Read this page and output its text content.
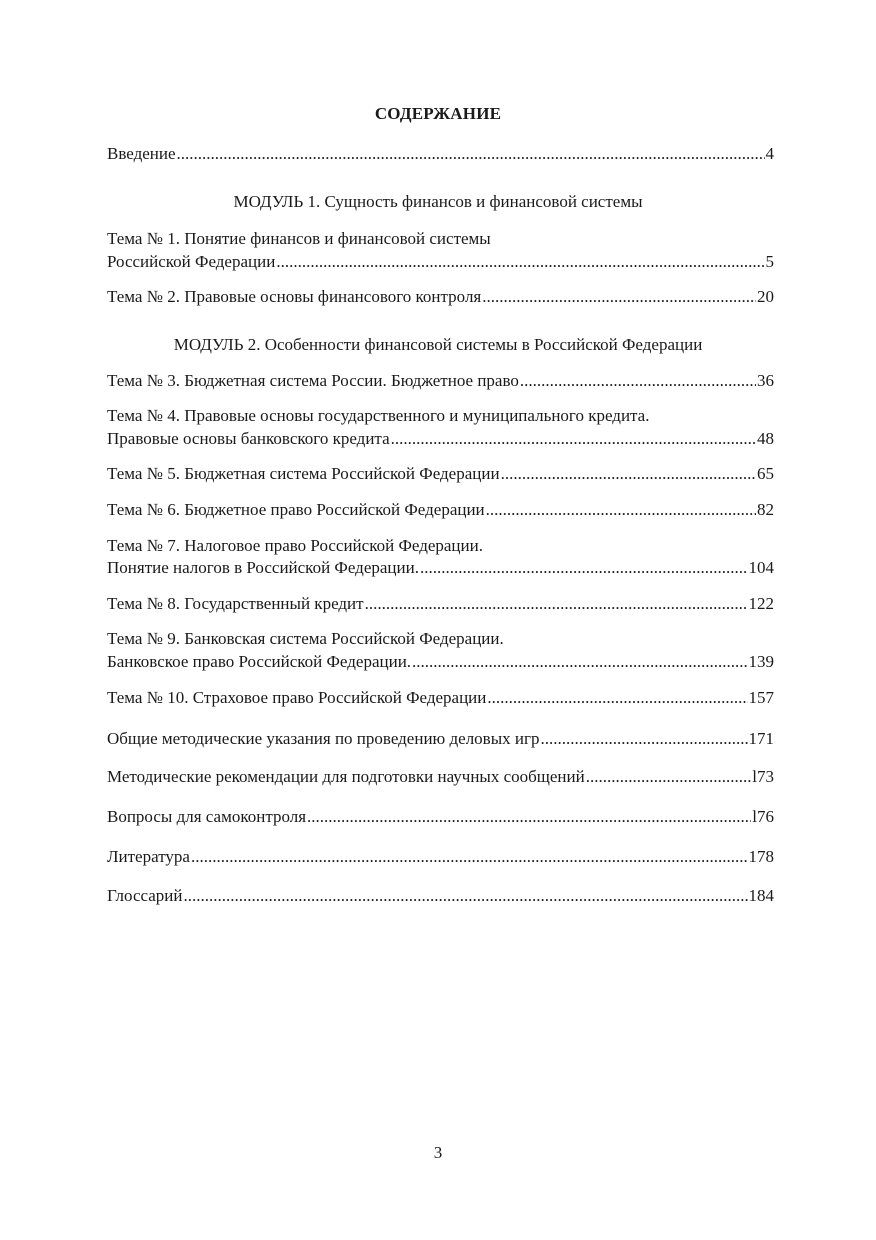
СОДЕРЖАНИЕ
Введение .....	4
МОДУЛЬ 1. Сущность финансов и финансовой системы
Тема № 1. Понятие финансов и финансовой системы
Российской Федерации .....	5
Тема № 2. Правовые основы финансового контроля .....	20
МОДУЛЬ 2. Особенности финансовой системы в Российской Федерации
Тема № 3. Бюджетная система России. Бюджетное право .....	36
Тема № 4. Правовые основы государственного и муниципального кредита.
Правовые основы банковского кредита .....	48
Тема № 5. Бюджетная система Российской Федерации .....	65
Тема № 6. Бюджетное право Российской Федерации .....	82
Тема № 7. Налоговое право Российской Федерации.
Понятие налогов в Российской Федерации. .....	104
Тема № 8. Государственный кредит .....	122
Тема № 9. Банковская система Российской Федерации.
Банковское право Российской Федерации. .....	139
Тема № 10. Страховое право Российской Федерации .....	157
Общие методические указания по проведению деловых игр .....	171
Методические рекомендации для подготовки научных сообщений .....	l73
Вопросы для самоконтроля .....	l76
Литература .....	178
Глоссарий .....	184
3
